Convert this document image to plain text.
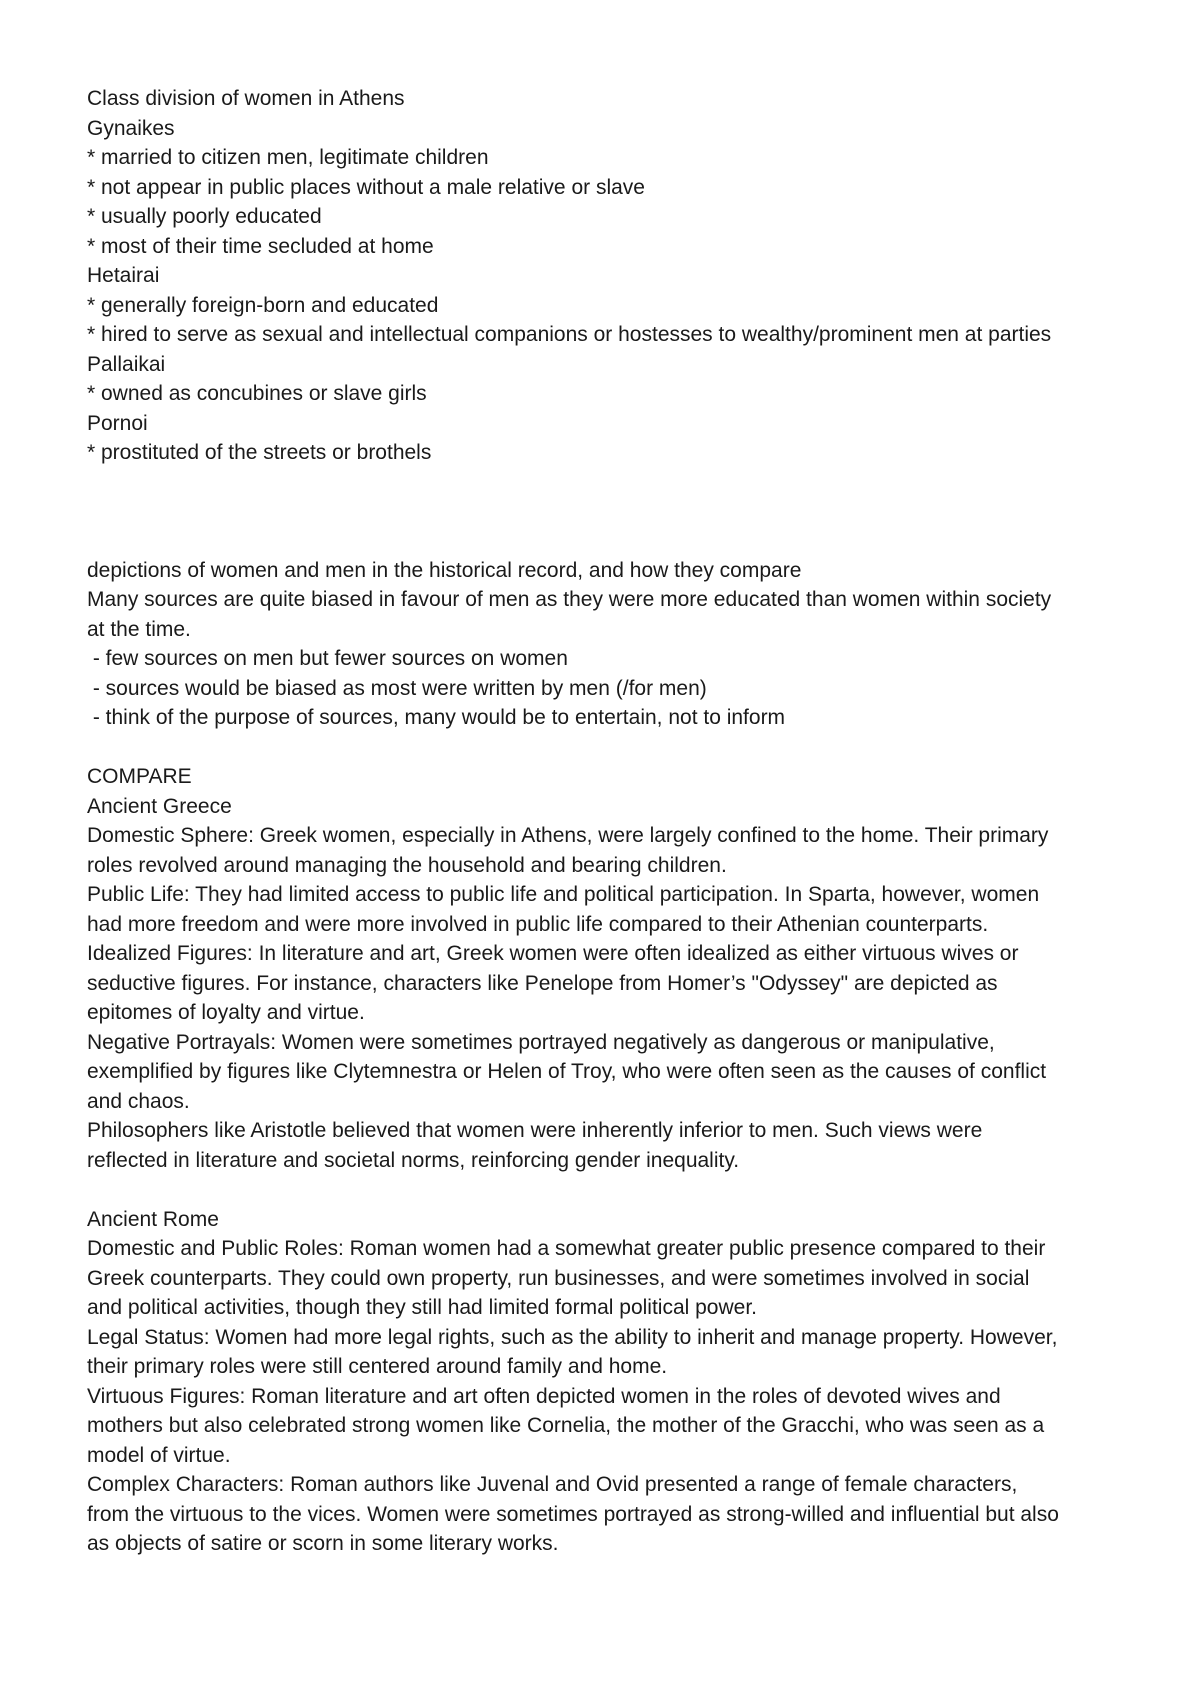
Class division of women in Athens
Gynaikes
* married to citizen men, legitimate children
* not appear in public places without a male relative or slave
* usually poorly educated
* most of their time secluded at home
Hetairai
* generally foreign-born and educated
* hired to serve as sexual and intellectual companions or hostesses to wealthy/prominent men at parties
Pallaikai
* owned as concubines or slave girls
Pornoi
* prostituted of the streets or brothels
depictions of women and men in the historical record, and how they compare
Many sources are quite biased in favour of men as they were more educated than women within society
at the time.
- few sources on men but fewer sources on women
- sources would be biased as most were written by men (/for men)
- think of the purpose of sources, many would be to entertain, not to inform
COMPARE
Ancient Greece
Domestic Sphere: Greek women, especially in Athens, were largely confined to the home. Their primary
roles revolved around managing the household and bearing children.
Public Life: They had limited access to public life and political participation. In Sparta, however, women
had more freedom and were more involved in public life compared to their Athenian counterparts.
Idealized Figures: In literature and art, Greek women were often idealized as either virtuous wives or
seductive figures. For instance, characters like Penelope from Homer’s "Odyssey" are depicted as
epitomes of loyalty and virtue.
Negative Portrayals: Women were sometimes portrayed negatively as dangerous or manipulative,
exemplified by figures like Clytemnestra or Helen of Troy, who were often seen as the causes of conflict
and chaos.
Philosophers like Aristotle believed that women were inherently inferior to men. Such views were
reflected in literature and societal norms, reinforcing gender inequality.
Ancient Rome
Domestic and Public Roles: Roman women had a somewhat greater public presence compared to their
Greek counterparts. They could own property, run businesses, and were sometimes involved in social
and political activities, though they still had limited formal political power.
Legal Status: Women had more legal rights, such as the ability to inherit and manage property. However,
their primary roles were still centered around family and home.
Virtuous Figures: Roman literature and art often depicted women in the roles of devoted wives and
mothers but also celebrated strong women like Cornelia, the mother of the Gracchi, who was seen as a
model of virtue.
Complex Characters: Roman authors like Juvenal and Ovid presented a range of female characters,
from the virtuous to the vices. Women were sometimes portrayed as strong-willed and influential but also
as objects of satire or scorn in some literary works.
